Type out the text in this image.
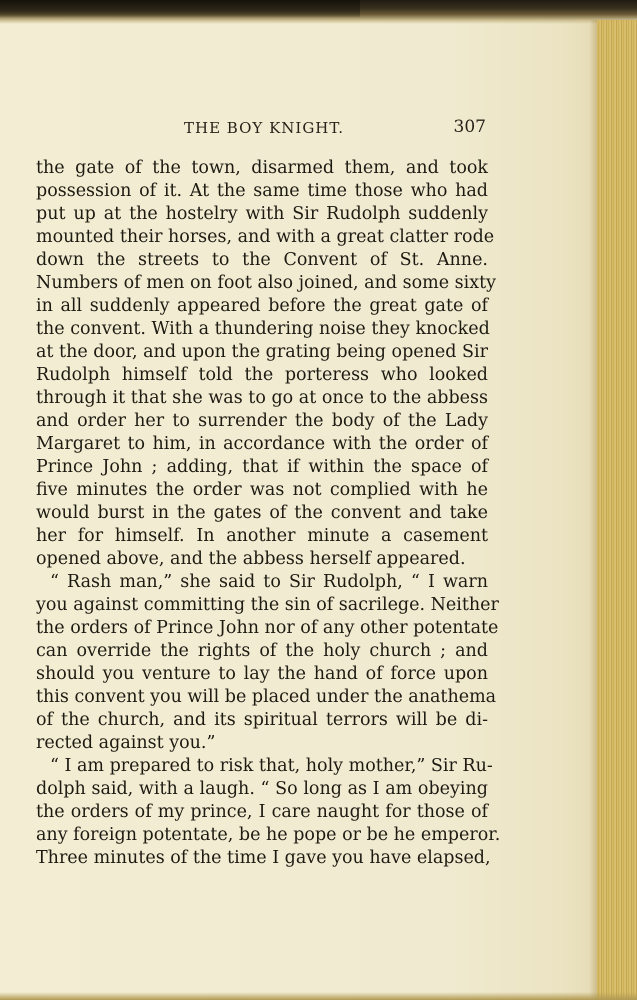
THE BOY KNIGHT.	307
the gate of the town, disarmed them, and took
possession of it. At the same time those who had
put up at the hostelry with Sir Rudolph suddenly
mounted their horses, and with a great clatter rode
down the streets to the Convent of St. Anne.
Numbers of men on foot also joined, and some sixty
in all suddenly appeared before the great gate of
the convent. With a thundering noise they knocked
at the door, and upon the grating being opened Sir
Rudolph himself told the porteress who looked
through it that she was to go at once to the abbess
and order her to surrender the body of the Lady
Margaret to him, in accordance with the order of
Prince John ; adding, that if within the space of
five minutes the order was not complied with he
would burst in the gates of the convent and take
her for himself. In another minute a casement
opened above, and the abbess herself appeared.
“ Rash man,” she said to Sir Rudolph, “ I warn
you against committing the sin of sacrilege. Neither
the orders of Prince John nor of any other potentate
can override the rights of the holy church ; and
should you venture to lay the hand of force upon
this convent you will be placed under the anathema
of the church, and its spiritual terrors will be di-
rected against you.”
“ I am prepared to risk that, holy mother,” Sir Ru-
dolph said, with a laugh. “ So long as I am obeying
the orders of my prince, I care naught for those of
any foreign potentate, be he pope or be he emperor.
Three minutes of the time I gave you have elapsed,
